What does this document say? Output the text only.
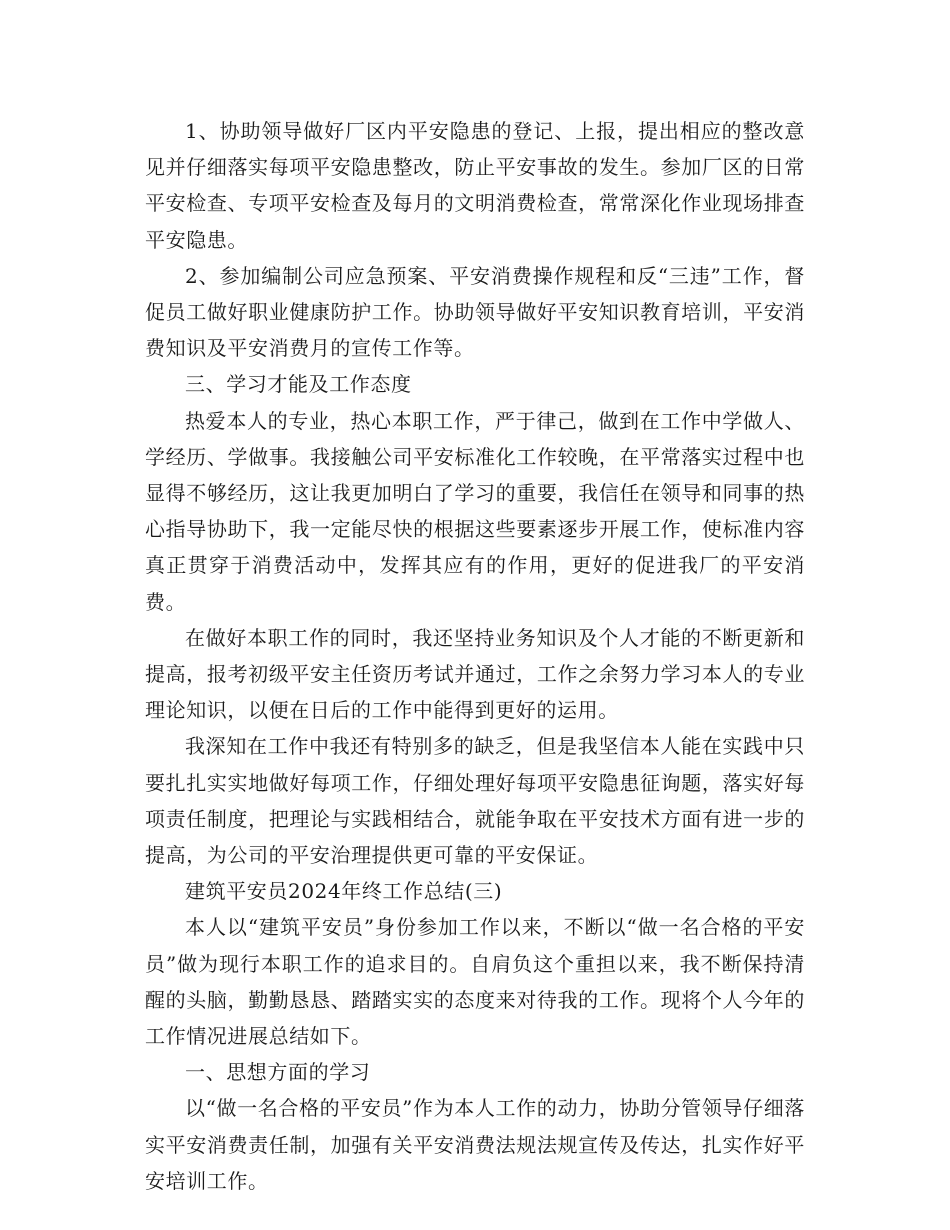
1、协助领导做好厂区内平安隐患的登记、上报，提出相应的整改意见并仔细落实每项平安隐患整改，防止平安事故的发生。参加厂区的日常平安检查、专项平安检查及每月的文明消费检查，常常深化作业现场排查平安隐患。

2、参加编制公司应急预案、平安消费操作规程和反“三违”工作，督促员工做好职业健康防护工作。协助领导做好平安知识教育培训，平安消费知识及平安消费月的宣传工作等。

三、学习才能及工作态度

热爱本人的专业，热心本职工作，严于律己，做到在工作中学做人、学经历、学做事。我接触公司平安标准化工作较晚，在平常落实过程中也显得不够经历，这让我更加明白了学习的重要，我信任在领导和同事的热心指导协助下，我一定能尽快的根据这些要素逐步开展工作，使标准内容真正贯穿于消费活动中，发挥其应有的作用，更好的促进我厂的平安消费。

在做好本职工作的同时，我还坚持业务知识及个人才能的不断更新和提高，报考初级平安主任资历考试并通过，工作之余努力学习本人的专业理论知识，以便在日后的工作中能得到更好的运用。

我深知在工作中我还有特别多的缺乏，但是我坚信本人能在实践中只要扎扎实实地做好每项工作，仔细处理好每项平安隐患征询题，落实好每项责任制度，把理论与实践相结合，就能争取在平安技术方面有进一步的提高，为公司的平安治理提供更可靠的平安保证。

建筑平安员2024年终工作总结(三)

本人以“建筑平安员”身份参加工作以来，不断以“做一名合格的平安员”做为现行本职工作的追求目的。自肩负这个重担以来，我不断保持清醒的头脑，勤勤恳恳、踏踏实实的态度来对待我的工作。现将个人今年的工作情况进展总结如下。

一、思想方面的学习

以“做一名合格的平安员”作为本人工作的动力，协助分管领导仔细落实平安消费责任制，加强有关平安消费法规法规宣传及传达，扎实作好平安培训工作。
